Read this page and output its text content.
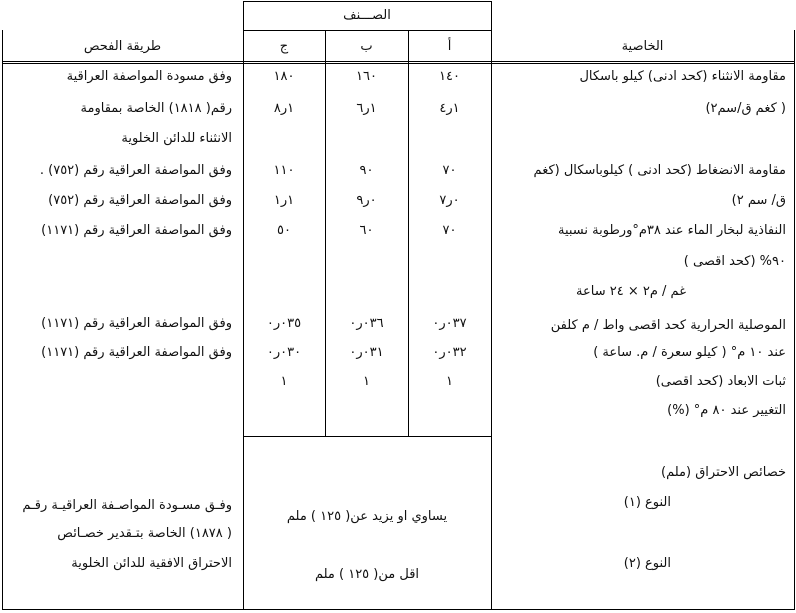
الصـــنف
الخاصية
طريقة الفحص	أ
ب
ج
مقاومة الانثناء (كحد ادنى) كيلو باسكال
( كغم ق/سم٢)
مقاومة الانضغاط (كحد ادنى ) كيلوباسكال (كغم
ق/ سم ٢)
النفاذية لبخار الماء عند ٣٨م°ورطوبة نسبية
٩٠% (كحد اقصى )
غم / م٢ × ٢٤ ساعة
الموصلية الحرارية كحد اقصى واط / م كلفن
عند ١٠ م° ( كيلو سعرة / م. ساعة )
ثبات الابعاد (كحد اقصى)
التغيير عند ٨٠ م° (%)
خصائص الاحتراق (ملم)
النوع (١)
النوع (٢)
١٤٠
١ر٤
٧٠
٠ر٧
٧٠
٠٣٧ر٠
٠٣٢ر٠
١
١٦٠
١ر٦
٩٠
٠ر٩
٦٠
٠٣٦ر٠
٠٣١ر٠
١
١٨٠
١ر٨
١١٠
١ر١
٥٠
٠٣٥ر٠
٠٣٠ر٠
١
يساوي او يزيد عن( ١٢٥ ) ملم
اقل من( ١٢٥ ) ملم
وفق مسودة المواصفة العراقية
رقم( ١٨١٨) الخاصة بمقاومة
الانثناء للدائن الخلوية
وفق المواصفة العراقية رقم (٧٥٢) .
وفق المواصفة العراقية رقم (٧٥٢)
وفق المواصفة العراقية رقم (١١٧١)
وفق المواصفة العراقية رقم (١١٧١)
وفق المواصفة العراقية رقم (١١٧١)
وفـق مسـودة المواصـفة العراقيـة رقـم
( ١٨٧٨) الخاصة بتـقدير خصـائص
الاحتراق الافقية للدائن الخلوية
